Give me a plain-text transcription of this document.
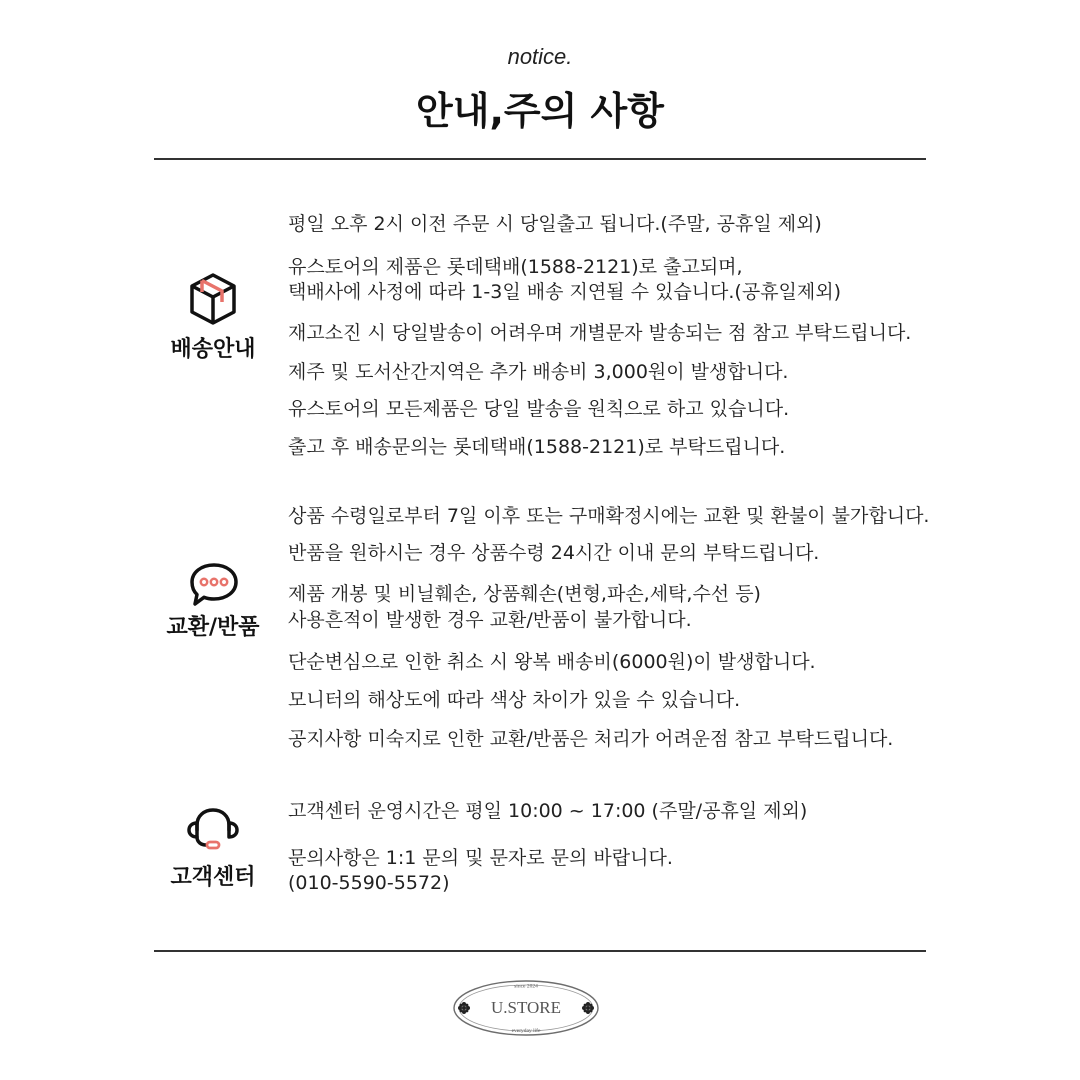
notice.
안내,주의 사항
배송안내
평일 오후 2시 이전 주문 시 당일출고 됩니다.(주말, 공휴일 제외)
유스토어의 제품은 롯데택배(1588-2121)로 출고되며,
택배사에 사정에 따라 1-3일 배송 지연될 수 있습니다.(공휴일제외)
재고소진 시 당일발송이 어려우며 개별문자 발송되는 점 참고 부탁드립니다.
제주 및 도서산간지역은 추가 배송비 3,000원이 발생합니다.
유스토어의 모든제품은 당일 발송을 원칙으로 하고 있습니다.
출고 후 배송문의는 롯데택배(1588-2121)로 부탁드립니다.
교환/반품
상품 수령일로부터 7일 이후 또는 구매확정시에는 교환 및 환불이 불가합니다.
반품을 원하시는 경우 상품수령 24시간 이내 문의 부탁드립니다.
제품 개봉 및 비닐훼손, 상품훼손(변형,파손,세탁,수선 등)
사용흔적이 발생한 경우 교환/반품이 불가합니다.
단순변심으로 인한 취소 시 왕복 배송비(6000원)이 발생합니다.
모니터의 해상도에 따라 색상 차이가 있을 수 있습니다.
공지사항 미숙지로 인한 교환/반품은 처리가 어려운점 참고 부탁드립니다.
고객센터
고객센터 운영시간은 평일 10:00 ~ 17:00 (주말/공휴일 제외)
문의사항은 1:1 문의 및 문자로 문의 바랍니다.
(010-5590-5572)
since 2024
U.STORE
everyday life
